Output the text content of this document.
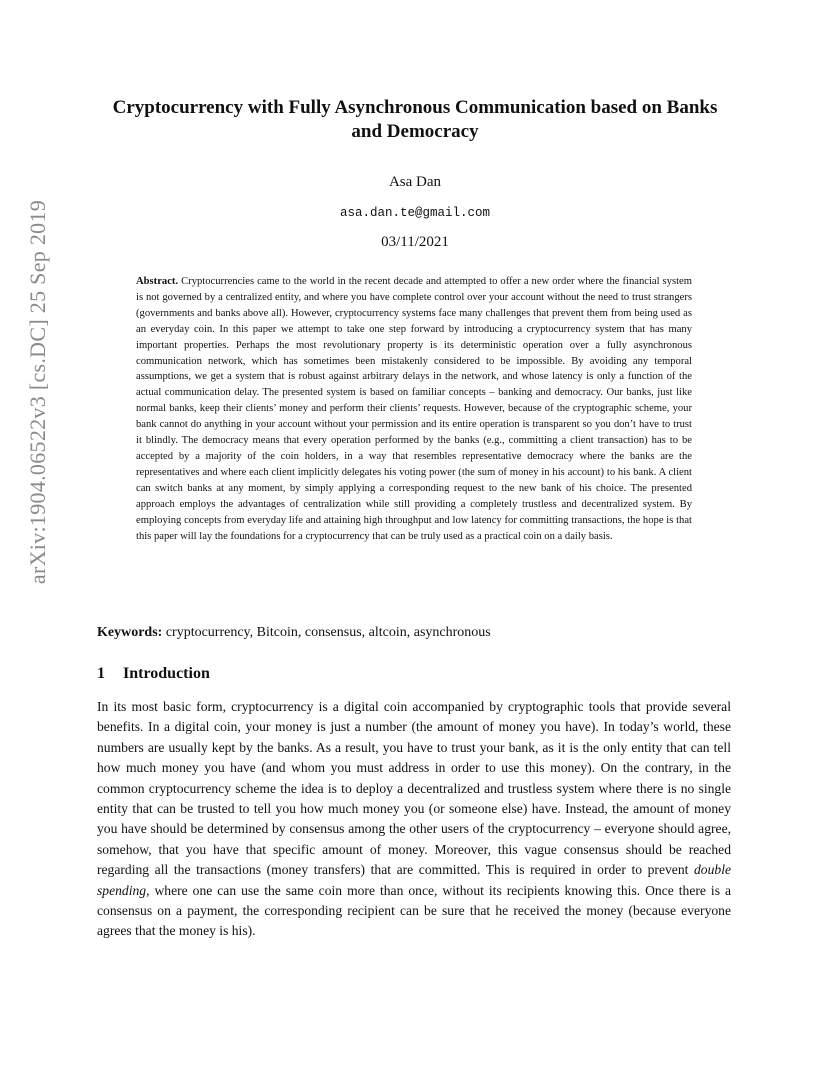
arXiv:1904.06522v3 [cs.DC] 25 Sep 2019
Cryptocurrency with Fully Asynchronous Communication based on Banks and Democracy
Asa Dan
asa.dan.te@gmail.com
03/11/2021
Abstract. Cryptocurrencies came to the world in the recent decade and attempted to offer a new order where the financial system is not governed by a centralized entity, and where you have complete control over your account without the need to trust strangers (governments and banks above all). However, cryptocurrency systems face many challenges that prevent them from being used as an everyday coin. In this paper we attempt to take one step forward by introducing a cryptocurrency system that has many important properties. Perhaps the most revolutionary property is its deterministic operation over a fully asynchronous communication network, which has sometimes been mistakenly considered to be impossible. By avoiding any temporal assumptions, we get a system that is robust against arbitrary delays in the network, and whose latency is only a function of the actual communication delay. The presented system is based on familiar concepts – banking and democracy. Our banks, just like normal banks, keep their clients’ money and perform their clients’ requests. However, because of the cryptographic scheme, your bank cannot do anything in your account without your permission and its entire operation is transparent so you don’t have to trust it blindly. The democracy means that every operation performed by the banks (e.g., committing a client transaction) has to be accepted by a majority of the coin holders, in a way that resembles representative democracy where the banks are the representatives and where each client implicitly delegates his voting power (the sum of money in his account) to his bank. A client can switch banks at any moment, by simply applying a corresponding request to the new bank of his choice. The presented approach employs the advantages of centralization while still providing a completely trustless and decentralized system. By employing concepts from everyday life and attaining high throughput and low latency for committing transactions, the hope is that this paper will lay the foundations for a cryptocurrency that can be truly used as a practical coin on a daily basis.
Keywords: cryptocurrency, Bitcoin, consensus, altcoin, asynchronous
1 Introduction
In its most basic form, cryptocurrency is a digital coin accompanied by cryptographic tools that provide several benefits. In a digital coin, your money is just a number (the amount of money you have). In today’s world, these numbers are usually kept by the banks. As a result, you have to trust your bank, as it is the only entity that can tell how much money you have (and whom you must address in order to use this money). On the contrary, in the common cryptocurrency scheme the idea is to deploy a decentralized and trustless system where there is no single entity that can be trusted to tell you how much money you (or someone else) have. Instead, the amount of money you have should be determined by consensus among the other users of the cryptocurrency – everyone should agree, somehow, that you have that specific amount of money. Moreover, this vague consensus should be reached regarding all the transactions (money transfers) that are committed. This is required in order to prevent double spending, where one can use the same coin more than once, without its recipients knowing this. Once there is a consensus on a payment, the corresponding recipient can be sure that he received the money (because everyone agrees that the money is his).
